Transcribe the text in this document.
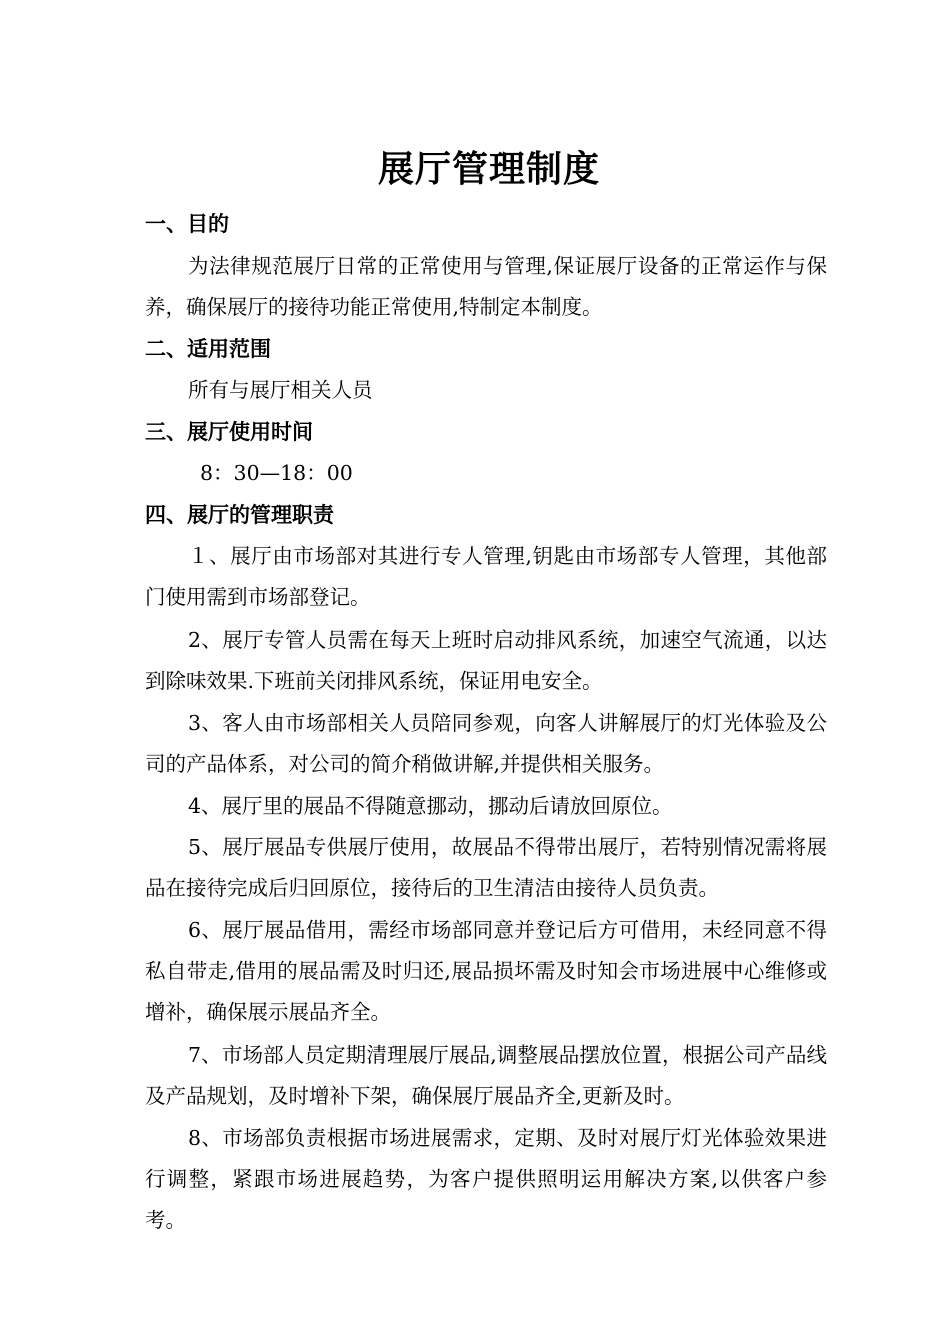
展厅管理制度
一、目的

为法律规范展厅日常的正常使用与管理,保证展厅设备的正常运作与保养，确保展厅的接待功能正常使用,特制定本制度。

二、适用范围
所有与展厅相关人员
三、展厅使用时间
8：30—18：00
四、展厅的管理职责

１、展厅由市场部对其进行专人管理,钥匙由市场部专人管理，其他部门使用需到市场部登记。

2、展厅专管人员需在每天上班时启动排风系统，加速空气流通，以达到除味效果.下班前关闭排风系统，保证用电安全。

3、客人由市场部相关人员陪同参观，向客人讲解展厅的灯光体验及公司的产品体系，对公司的简介稍做讲解,并提供相关服务。

4、展厅里的展品不得随意挪动，挪动后请放回原位。

5、展厅展品专供展厅使用，故展品不得带出展厅，若特别情况需将展品在接待完成后归回原位，接待后的卫生清洁由接待人员负责。

6、展厅展品借用，需经市场部同意并登记后方可借用，未经同意不得私自带走,借用的展品需及时归还,展品损坏需及时知会市场进展中心维修或增补，确保展示展品齐全。

7、市场部人员定期清理展厅展品,调整展品摆放位置，根据公司产品线及产品规划，及时增补下架，确保展厅展品齐全,更新及时。

8、市场部负责根据市场进展需求，定期、及时对展厅灯光体验效果进行调整，紧跟市场进展趋势，为客户提供照明运用解决方案,以供客户参考。
